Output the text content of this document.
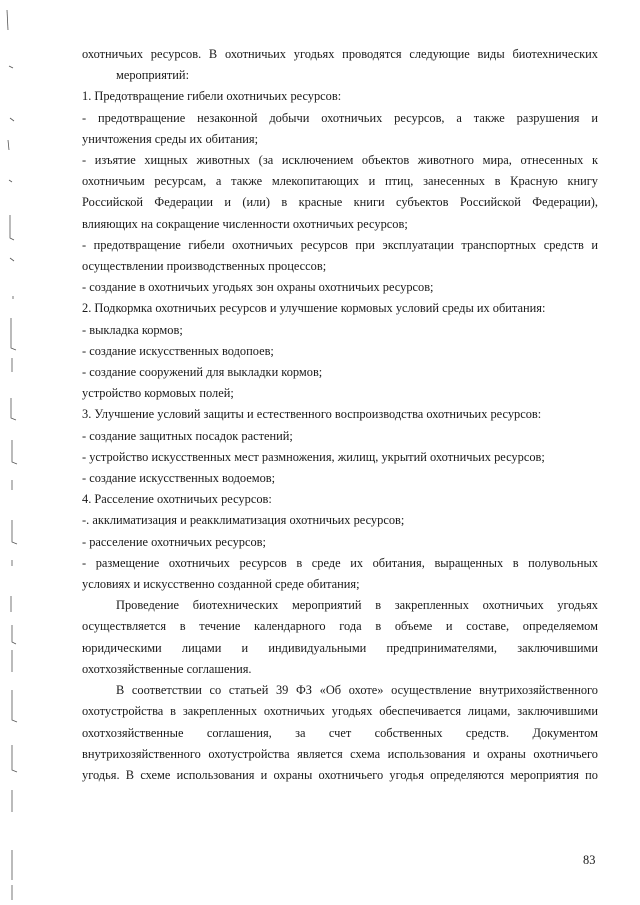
охотничьих ресурсов. В охотничьих угодьях проводятся следующие виды биотехнических

мероприятий:

1. Предотвращение гибели охотничьих ресурсов:

- предотвращение незаконной добычи охотничьих ресурсов, а также разрушения и

уничтожения среды их обитания;

- изъятие хищных животных (за исключением объектов животного мира, отнесенных к

охотничьим ресурсам, а также млекопитающих и птиц, занесенных в Красную книгу

Российской Федерации и (или) в красные книги субъектов Российской Федерации),

влияющих на сокращение численности охотничьих ресурсов;

- предотвращение гибели охотничьих ресурсов при эксплуатации транспортных средств и

осуществлении производственных процессов;

- создание в охотничьих угодьях зон охраны охотничьих ресурсов;

2. Подкормка охотничьих ресурсов и улучшение кормовых условий среды их обитания:

- выкладка кормов;

- создание искусственных водопоев;

- создание сооружений для выкладки кормов;

устройство кормовых полей;

3. Улучшение условий защиты и естественного воспроизводства охотничьих ресурсов:

- создание защитных посадок растений;

- устройство искусственных мест размножения, жилищ, укрытий охотничьих ресурсов;

- создание искусственных водоемов;

4. Расселение охотничьих ресурсов:

-. акклиматизация и реакклиматизация охотничьих ресурсов;

- расселение охотничьих ресурсов;

- размещение охотничьих ресурсов в среде их обитания, выращенных в полувольных

условиях и искусственно созданной среде обитания;

Проведение биотехнических мероприятий в закрепленных охотничьих угодьях

осуществляется в течение календарного года в объеме и составе, определяемом

юридическими лицами и индивидуальными предпринимателями, заключившими

охотхозяйственные соглашения.

В соответствии со статьей 39 ФЗ «Об охоте» осуществление внутрихозяйственного

охотустройства в закрепленных охотничьих угодьях обеспечивается лицами, заключившими

охотхозяйственные соглашения, за счет собственных средств. Документом

внутрихозяйственного охотустройства является схема использования и охраны охотничьего

угодья. В схеме использования и охраны охотничьего угодья определяются мероприятия по

83
